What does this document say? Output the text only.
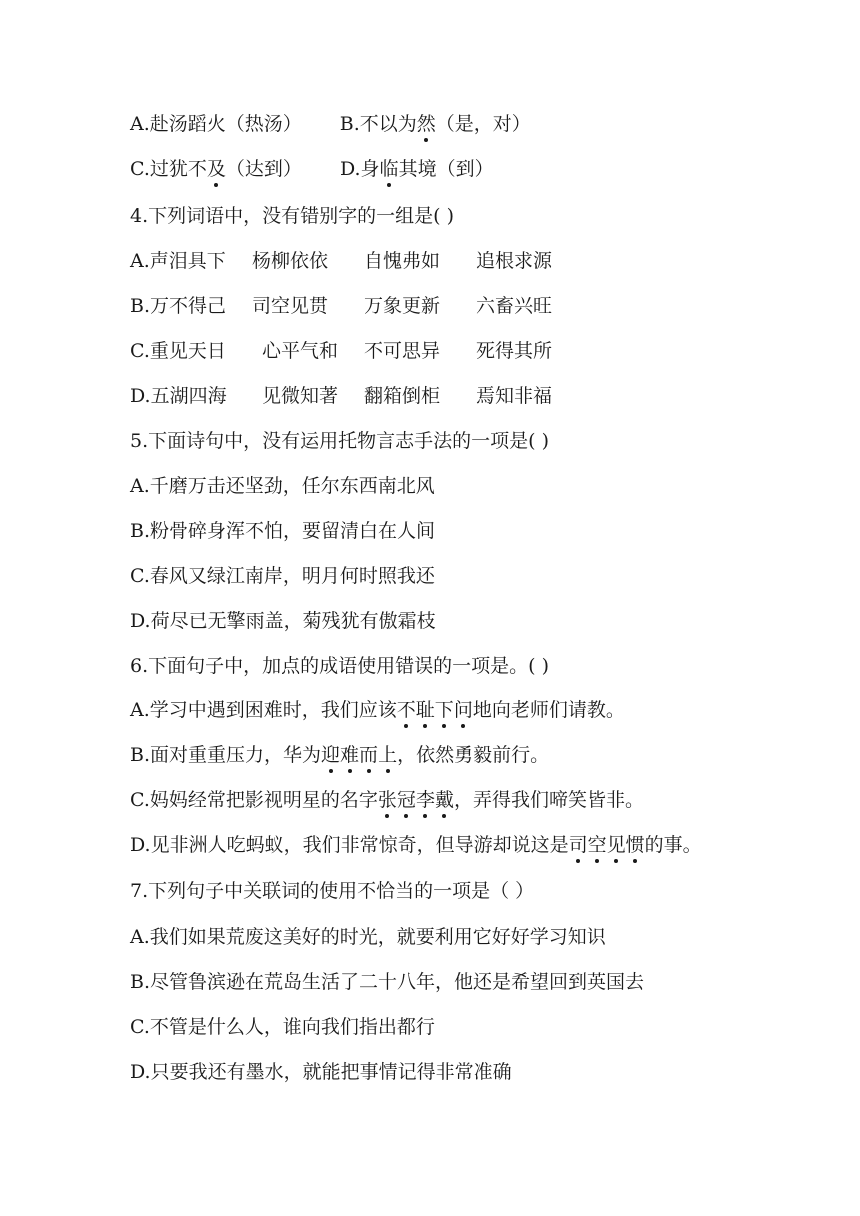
A.赴汤蹈火（热汤） B.不以为然（是，对）
C.过犹不及（达到） D.身临其境（到）
4.下列词语中，没有错别字的一组是( )
A.声泪具下 杨柳依依 自愧弗如 追根求源
B.万不得己 司空见贯 万象更新 六畜兴旺
C.重见天日 心平气和 不可思异 死得其所
D.五湖四海 见微知著 翻箱倒柜 焉知非福
5.下面诗句中，没有运用托物言志手法的一项是( )
A.千磨万击还坚劲，任尔东西南北风
B.粉骨碎身浑不怕，要留清白在人间
C.春风又绿江南岸，明月何时照我还
D.荷尽已无擎雨盖，菊残犹有傲霜枝
6.下面句子中，加点的成语使用错误的一项是。( )
A.学习中遇到困难时，我们应该不耻下问地向老师们请教。
B.面对重重压力，华为迎难而上，依然勇毅前行。
C.妈妈经常把影视明星的名字张冠李戴，弄得我们啼笑皆非。
D.见非洲人吃蚂蚁，我们非常惊奇，但导游却说这是司空见惯的事。
7.下列句子中关联词的使用不恰当的一项是（ ）
A.我们如果荒废这美好的时光，就要利用它好好学习知识
B.尽管鲁滨逊在荒岛生活了二十八年，他还是希望回到英国去
C.不管是什么人，谁向我们指出都行
D.只要我还有墨水，就能把事情记得非常准确
